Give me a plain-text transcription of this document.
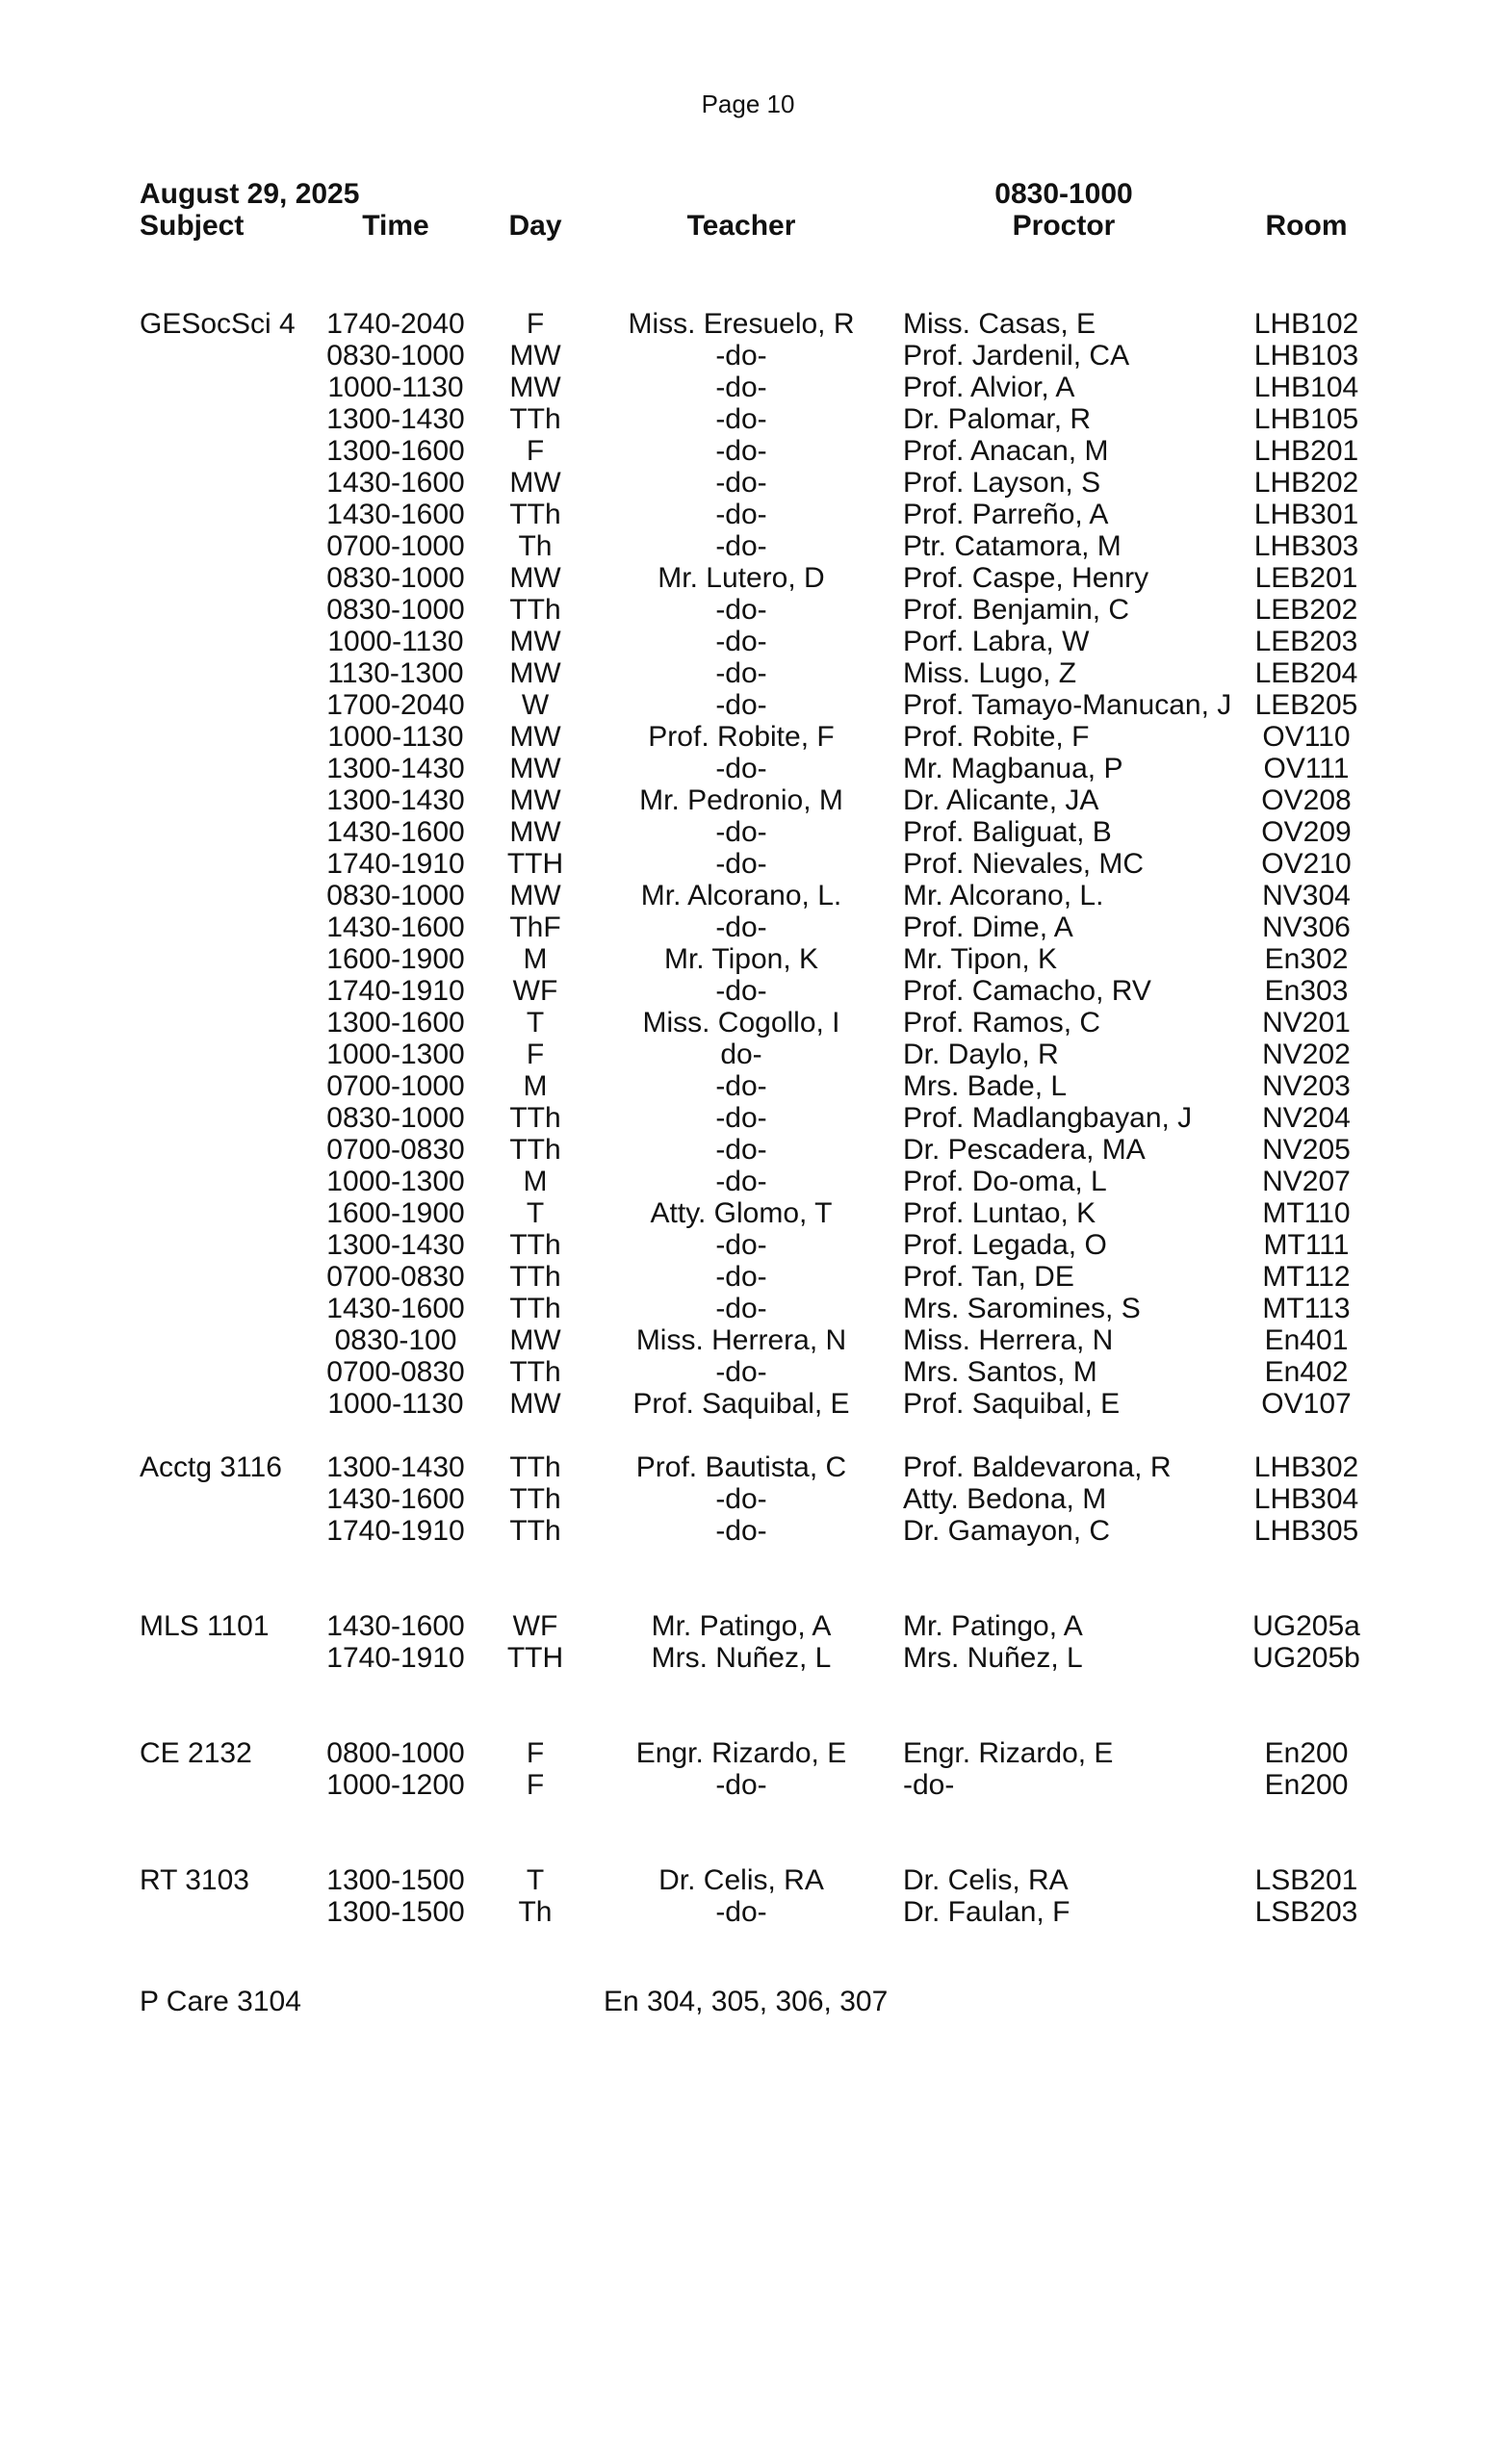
Page 10
August 29, 2025	0830-1000
Subject	Time	Day	Teacher	Proctor	Room
GESocSci 4 1740-2040	F	Miss. Eresuelo, R	Miss. Casas, E	LHB102
0830-1000	MW	-do-	Prof. Jardenil, CA	LHB103
1000-1130	MW	-do-	Prof. Alvior, A	LHB104
1300-1430	TTh	-do-	Dr. Palomar, R	LHB105
1300-1600	F	-do-	Prof. Anacan, M	LHB201
1430-1600	MW	-do-	Prof. Layson, S	LHB202
1430-1600	TTh	-do-	Prof. Parreño, A	LHB301
0700-1000	Th	-do-	Ptr. Catamora, M	LHB303
0830-1000	MW	Mr. Lutero, D	Prof. Caspe, Henry	LEB201
0830-1000	TTh	-do-	Prof. Benjamin, C	LEB202
1000-1130	MW	-do-	Porf. Labra, W	LEB203
1130-1300	MW	-do-	Miss. Lugo, Z	LEB204
1700-2040	W	-do-	Prof. Tamayo-Manucan, J LEB205
1000-1130	MW	Prof. Robite, F	Prof. Robite, F	OV110
1300-1430	MW	-do-	Mr. Magbanua, P	OV111
1300-1430	MW	Mr. Pedronio, M	Dr. Alicante, JA	OV208
1430-1600	MW	-do-	Prof. Baliguat, B	OV209
1740-1910	TTH	-do-	Prof. Nievales, MC	OV210
0830-1000	MW	Mr. Alcorano, L.	Mr. Alcorano, L.	NV304
1430-1600	ThF	-do-	Prof. Dime, A	NV306
1600-1900	M	Mr. Tipon, K	Mr. Tipon, K	En302
1740-1910	WF	-do-	Prof. Camacho, RV	En303
1300-1600	T	Miss. Cogollo, I	Prof. Ramos, C	NV201
1000-1300	F	do-	Dr. Daylo, R	NV202
0700-1000	M	-do-	Mrs. Bade, L	NV203
0830-1000	TTh	-do-	Prof. Madlangbayan, J	NV204
0700-0830	TTh	-do-	Dr. Pescadera, MA	NV205
1000-1300	M	-do-	Prof. Do-oma, L	NV207
1600-1900	T	Atty. Glomo, T	Prof. Luntao, K	MT110
1300-1430	TTh	-do-	Prof. Legada, O	MT111
0700-0830	TTh	-do-	Prof. Tan, DE	MT112
1430-1600	TTh	-do-	Mrs. Saromines, S	MT113
0830-100	MW	Miss. Herrera, N	Miss. Herrera, N	En401
0700-0830	TTh	-do-	Mrs. Santos, M	En402
1000-1130	MW	Prof. Saquibal, E	Prof. Saquibal, E	OV107
Acctg 3116 1300-1430	TTh	Prof. Bautista, C	Prof. Baldevarona, R	LHB302
1430-1600	TTh	-do-	Atty. Bedona, M	LHB304
1740-1910	TTh	-do-	Dr. Gamayon, C	LHB305
MLS 1101 1430-1600	WF	Mr. Patingo, A	Mr. Patingo, A	UG205a
1740-1910	TTH	Mrs. Nuñez, L	Mrs. Nuñez, L	UG205b
CE 2132	0800-1000	F	Engr. Rizardo, E	Engr. Rizardo, E	En200
1000-1200	F	-do-	-do-	En200
RT 3103	1300-1500	T	Dr. Celis, RA	Dr. Celis, RA	LSB201
1300-1500	Th	-do-	Dr. Faulan, F	LSB203
P Care 3104	En 304, 305, 306, 307
